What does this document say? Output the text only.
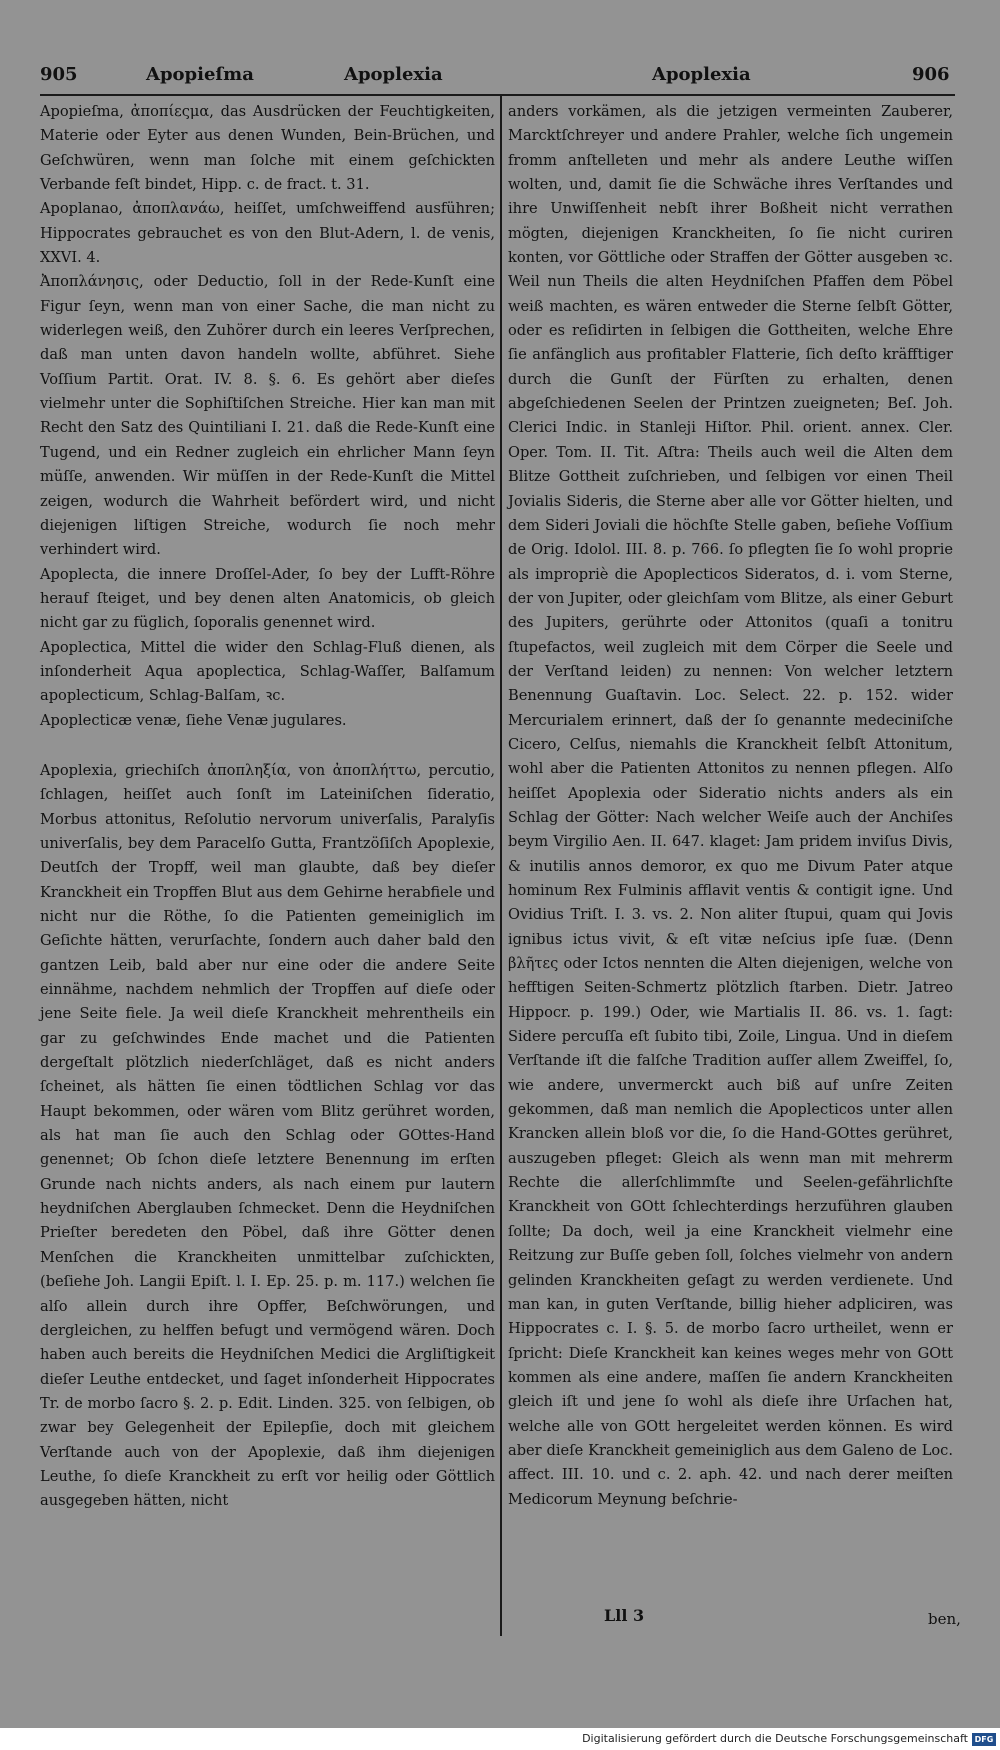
905	Apopieſma	Apoplexia	Apoplexia	906

Apopieſma, ἀποπίεςμα, das Ausdrücken der Feuchtigkeiten, Materie oder Eyter aus denen Wunden, Bein-Brüchen, und Geſchwüren, wenn man ſolche mit einem geſchickten Verbande feſt bindet, Hipp. c. de fract. t. 31.

Apoplanao, ἀποπλανάω, heiſſet, umſchweiffend ausführen; Hippocrates gebrauchet es von den Blut-Adern, l. de venis, XXVI. 4.

Ἀποπλάνησις, oder Deductio, ſoll in der Rede-Kunſt eine Figur ſeyn, wenn man von einer Sache, die man nicht zu widerlegen weiß, den Zuhörer durch ein leeres Verſprechen, daß man unten davon handeln wollte, abführet. Siehe Voſſium Partit. Orat. IV. 8. §. 6. Es gehört aber dieſes vielmehr unter die Sophiſtiſchen Streiche. Hier kan man mit Recht den Satz des Quintiliani I. 21. daß die Rede-Kunſt eine Tugend, und ein Redner zugleich ein ehrlicher Mann ſeyn müſſe, anwenden. Wir müſſen in der Rede-Kunſt die Mittel zeigen, wodurch die Wahrheit befördert wird, und nicht diejenigen liſtigen Streiche, wodurch ſie noch mehr verhindert wird.

Apoplecta, die innere Droſſel-Ader, ſo bey der Lufft-Röhre herauf ſteiget, und bey denen alten Anatomicis, ob gleich nicht gar zu füglich, ſoporalis genennet wird.

Apoplectica, Mittel die wider den Schlag-Fluß dienen, als inſonderheit Aqua apoplectica, Schlag-Waſſer, Balſamum apoplecticum, Schlag-Balſam, ꝛc.

Apoplecticæ venæ, ſiehe Venæ jugulares.

Apoplexia, griechiſch ἀποπληξία, von ἀποπλήττω, percutio, ſchlagen, heiſſet auch ſonſt im Lateiniſchen ſideratio, Morbus attonitus, Reſolutio nervorum univerſalis, Paralyſis univerſalis, bey dem Paracelſo Gutta, Frantzöſiſch Apoplexie, Deutſch der Tropff, weil man glaubte, daß bey dieſer Kranckheit ein Tropffen Blut aus dem Gehirne herabfiele und nicht nur die Röthe, ſo die Patienten gemeiniglich im Geſichte hätten, verurſachte, ſondern auch daher bald den gantzen Leib, bald aber nur eine oder die andere Seite einnähme, nachdem nehmlich der Tropffen auf dieſe oder jene Seite fiele. Ja weil dieſe Kranckheit mehrentheils ein gar zu geſchwindes Ende machet und die Patienten dergeſtalt plötzlich niederſchläget, daß es nicht anders ſcheinet, als hätten ſie einen tödtlichen Schlag vor das Haupt bekommen, oder wären vom Blitz gerühret worden, als hat man ſie auch den Schlag oder GOttes-Hand genennet; Ob ſchon dieſe letztere Benennung im erſten Grunde nach nichts anders, als nach einem pur lautern heydniſchen Aberglauben ſchmecket. Denn die Heydniſchen Prieſter beredeten den Pöbel, daß ihre Götter denen Menſchen die Kranckheiten unmittelbar zuſchickten, (beſiehe Joh. Langii Epiſt. l. I. Ep. 25. p. m. 117.) welchen ſie alſo allein durch ihre Opffer, Beſchwörungen, und dergleichen, zu helffen befugt und vermögend wären. Doch haben auch bereits die Heydniſchen Medici die Argliſtigkeit dieſer Leuthe entdecket, und ſaget inſonderheit Hippocrates Tr. de morbo ſacro §. 2. p. Edit. Linden. 325. von ſelbigen, ob zwar bey Gelegenheit der Epilepſie, doch mit gleichem Verſtande auch von der Apoplexie, daß ihm diejenigen Leuthe, ſo dieſe Kranckheit zu erſt vor heilig oder Göttlich ausgegeben hätten, nicht

anders vorkämen, als die jetzigen vermeinten Zauberer, Marcktſchreyer und andere Prahler, welche ſich ungemein fromm anſtelleten und mehr als andere Leuthe wiſſen wolten, und, damit ſie die Schwäche ihres Verſtandes und ihre Unwiſſenheit nebſt ihrer Boßheit nicht verrathen mögten, diejenigen Kranckheiten, ſo ſie nicht curiren konten, vor Göttliche oder Straffen der Götter ausgeben ꝛc. Weil nun Theils die alten Heydniſchen Pfaffen dem Pöbel weiß machten, es wären entweder die Sterne ſelbſt Götter, oder es reſidirten in ſelbigen die Gottheiten, welche Ehre ſie anfänglich aus profitabler Flatterie, ſich deſto kräfftiger durch die Gunſt der Fürſten zu erhalten, denen abgeſchiedenen Seelen der Printzen zueigneten; Beſ. Joh. Clerici Indic. in Stanleji Hiſtor. Phil. orient. annex. Cler. Oper. Tom. II. Tit. Aſtra: Theils auch weil die Alten dem Blitze Gottheit zuſchrieben, und ſelbigen vor einen Theil Jovialis Sideris, die Sterne aber alle vor Götter hielten, und dem Sideri Joviali die höchſte Stelle gaben, beſiehe Voſſium de Orig. Idolol. III. 8. p. 766. ſo pflegten ſie ſo wohl proprie als impropriè die Apoplecticos Sideratos, d. i. vom Sterne, der von Jupiter, oder gleichſam vom Blitze, als einer Geburt des Jupiters, gerührte oder Attonitos (quaſi a tonitru ſtupefactos, weil zugleich mit dem Cörper die Seele und der Verſtand leiden) zu nennen: Von welcher letztern Benennung Guaſtavin. Loc. Select. 22. p. 152. wider Mercurialem erinnert, daß der ſo genannte medeciniſche Cicero, Celſus, niemahls die Kranckheit ſelbſt Attonitum, wohl aber die Patienten Attonitos zu nennen pflegen. Alſo heiſſet Apoplexia oder Sideratio nichts anders als ein Schlag der Götter: Nach welcher Weiſe auch der Anchiſes beym Virgilio Aen. II. 647. klaget: Jam pridem inviſus Divis, & inutilis annos demoror, ex quo me Divum Pater atque hominum Rex Fulminis afflavit ventis & contigit igne. Und Ovidius Triſt. I. 3. vs. 2. Non aliter ſtupui, quam qui Jovis ignibus ictus vivit, & eſt vitæ neſcius ipſe ſuæ. (Denn βλῆτες oder Ictos nennten die Alten diejenigen, welche von hefftigen Seiten-Schmertz plötzlich ſtarben. Dietr. Jatreo Hippocr. p. 199.) Oder, wie Martialis II. 86. vs. 1. ſagt: Sidere percuſſa eſt ſubito tibi, Zoile, Lingua. Und in dieſem Verſtande iſt die falſche Tradition auſſer allem Zweiffel, ſo, wie andere, unvermerckt auch biß auf unſre Zeiten gekommen, daß man nemlich die Apoplecticos unter allen Krancken allein bloß vor die, ſo die Hand-GOttes gerühret, auszugeben pfleget: Gleich als wenn man mit mehrerm Rechte die allerſchlimmſte und Seelen-gefährlichſte Kranckheit von GOtt ſchlechterdings herzuführen glauben ſollte; Da doch, weil ja eine Kranckheit vielmehr eine Reitzung zur Buſſe geben ſoll, ſolches vielmehr von andern gelinden Kranckheiten geſagt zu werden verdienete. Und man kan, in guten Verſtande, billig hieher adpliciren, was Hippocrates c. I. §. 5. de morbo ſacro urtheilet, wenn er ſpricht: Dieſe Kranckheit kan keines weges mehr von GOtt kommen als eine andere, maſſen ſie andern Kranckheiten gleich iſt und jene ſo wohl als dieſe ihre Urſachen hat, welche alle von GOtt hergeleitet werden können. Es wird aber dieſe Kranckheit gemeiniglich aus dem Galeno de Loc. affect. III. 10. und c. 2. aph. 42. und nach derer meiſten Medicorum Meynung beſchrie-

Lll 3	ben,
Digitalisierung gefördert durch die Deutsche Forschungsgemeinschaft DFG
